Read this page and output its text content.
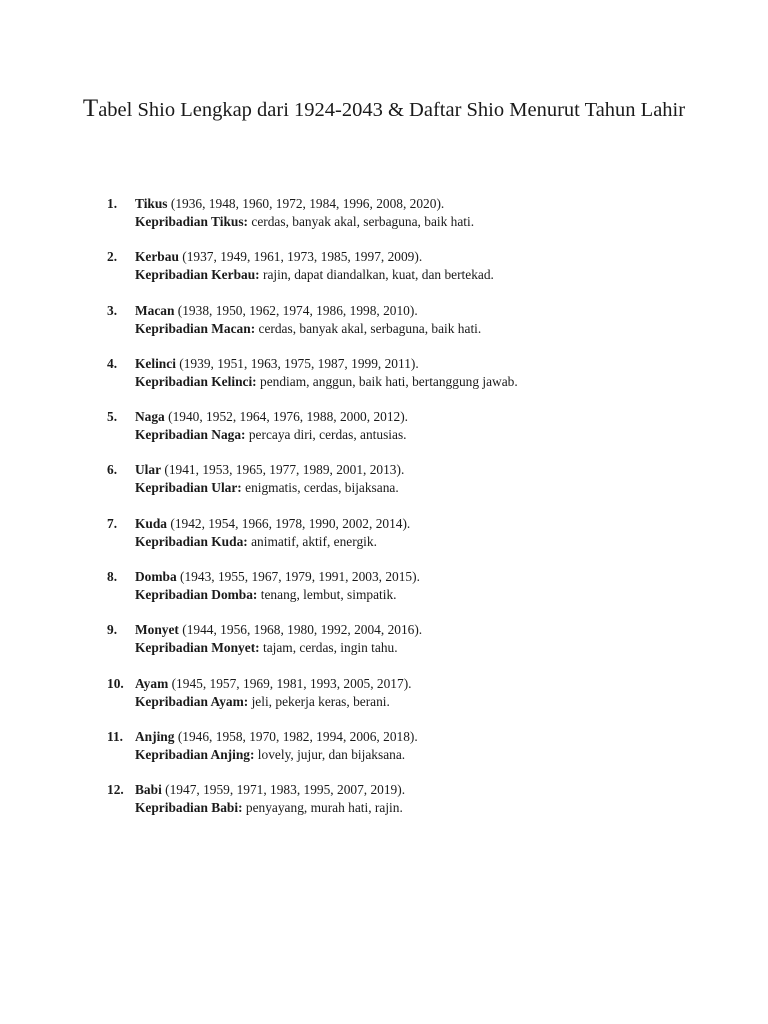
Tabel Shio Lengkap dari 1924-2043 & Daftar Shio Menurut Tahun Lahir
1.	Tikus (1936, 1948, 1960, 1972, 1984, 1996, 2008, 2020).
Kepribadian Tikus: cerdas, banyak akal, serbaguna, baik hati.
2.	Kerbau (1937, 1949, 1961, 1973, 1985, 1997, 2009).
Kepribadian Kerbau: rajin, dapat diandalkan, kuat, dan bertekad.
3.	Macan (1938, 1950, 1962, 1974, 1986, 1998, 2010).
Kepribadian Macan: cerdas, banyak akal, serbaguna, baik hati.
4.	Kelinci (1939, 1951, 1963, 1975, 1987, 1999, 2011).
Kepribadian Kelinci: pendiam, anggun, baik hati, bertanggung jawab.
5.	Naga (1940, 1952, 1964, 1976, 1988, 2000, 2012).
Kepribadian Naga: percaya diri, cerdas, antusias.
6.	Ular (1941, 1953, 1965, 1977, 1989, 2001, 2013).
Kepribadian Ular: enigmatis, cerdas, bijaksana.
7.	Kuda (1942, 1954, 1966, 1978, 1990, 2002, 2014).
Kepribadian Kuda: animatif, aktif, energik.
8.	Domba (1943, 1955, 1967, 1979, 1991, 2003, 2015).
Kepribadian Domba: tenang, lembut, simpatik.
9.	Monyet (1944, 1956, 1968, 1980, 1992, 2004, 2016).
Kepribadian Monyet: tajam, cerdas, ingin tahu.
10. Ayam (1945, 1957, 1969, 1981, 1993, 2005, 2017).
Kepribadian Ayam: jeli, pekerja keras, berani.
11. Anjing (1946, 1958, 1970, 1982, 1994, 2006, 2018).
Kepribadian Anjing: lovely, jujur, dan bijaksana.
12. Babi (1947, 1959, 1971, 1983, 1995, 2007, 2019).
Kepribadian Babi: penyayang, murah hati, rajin.
